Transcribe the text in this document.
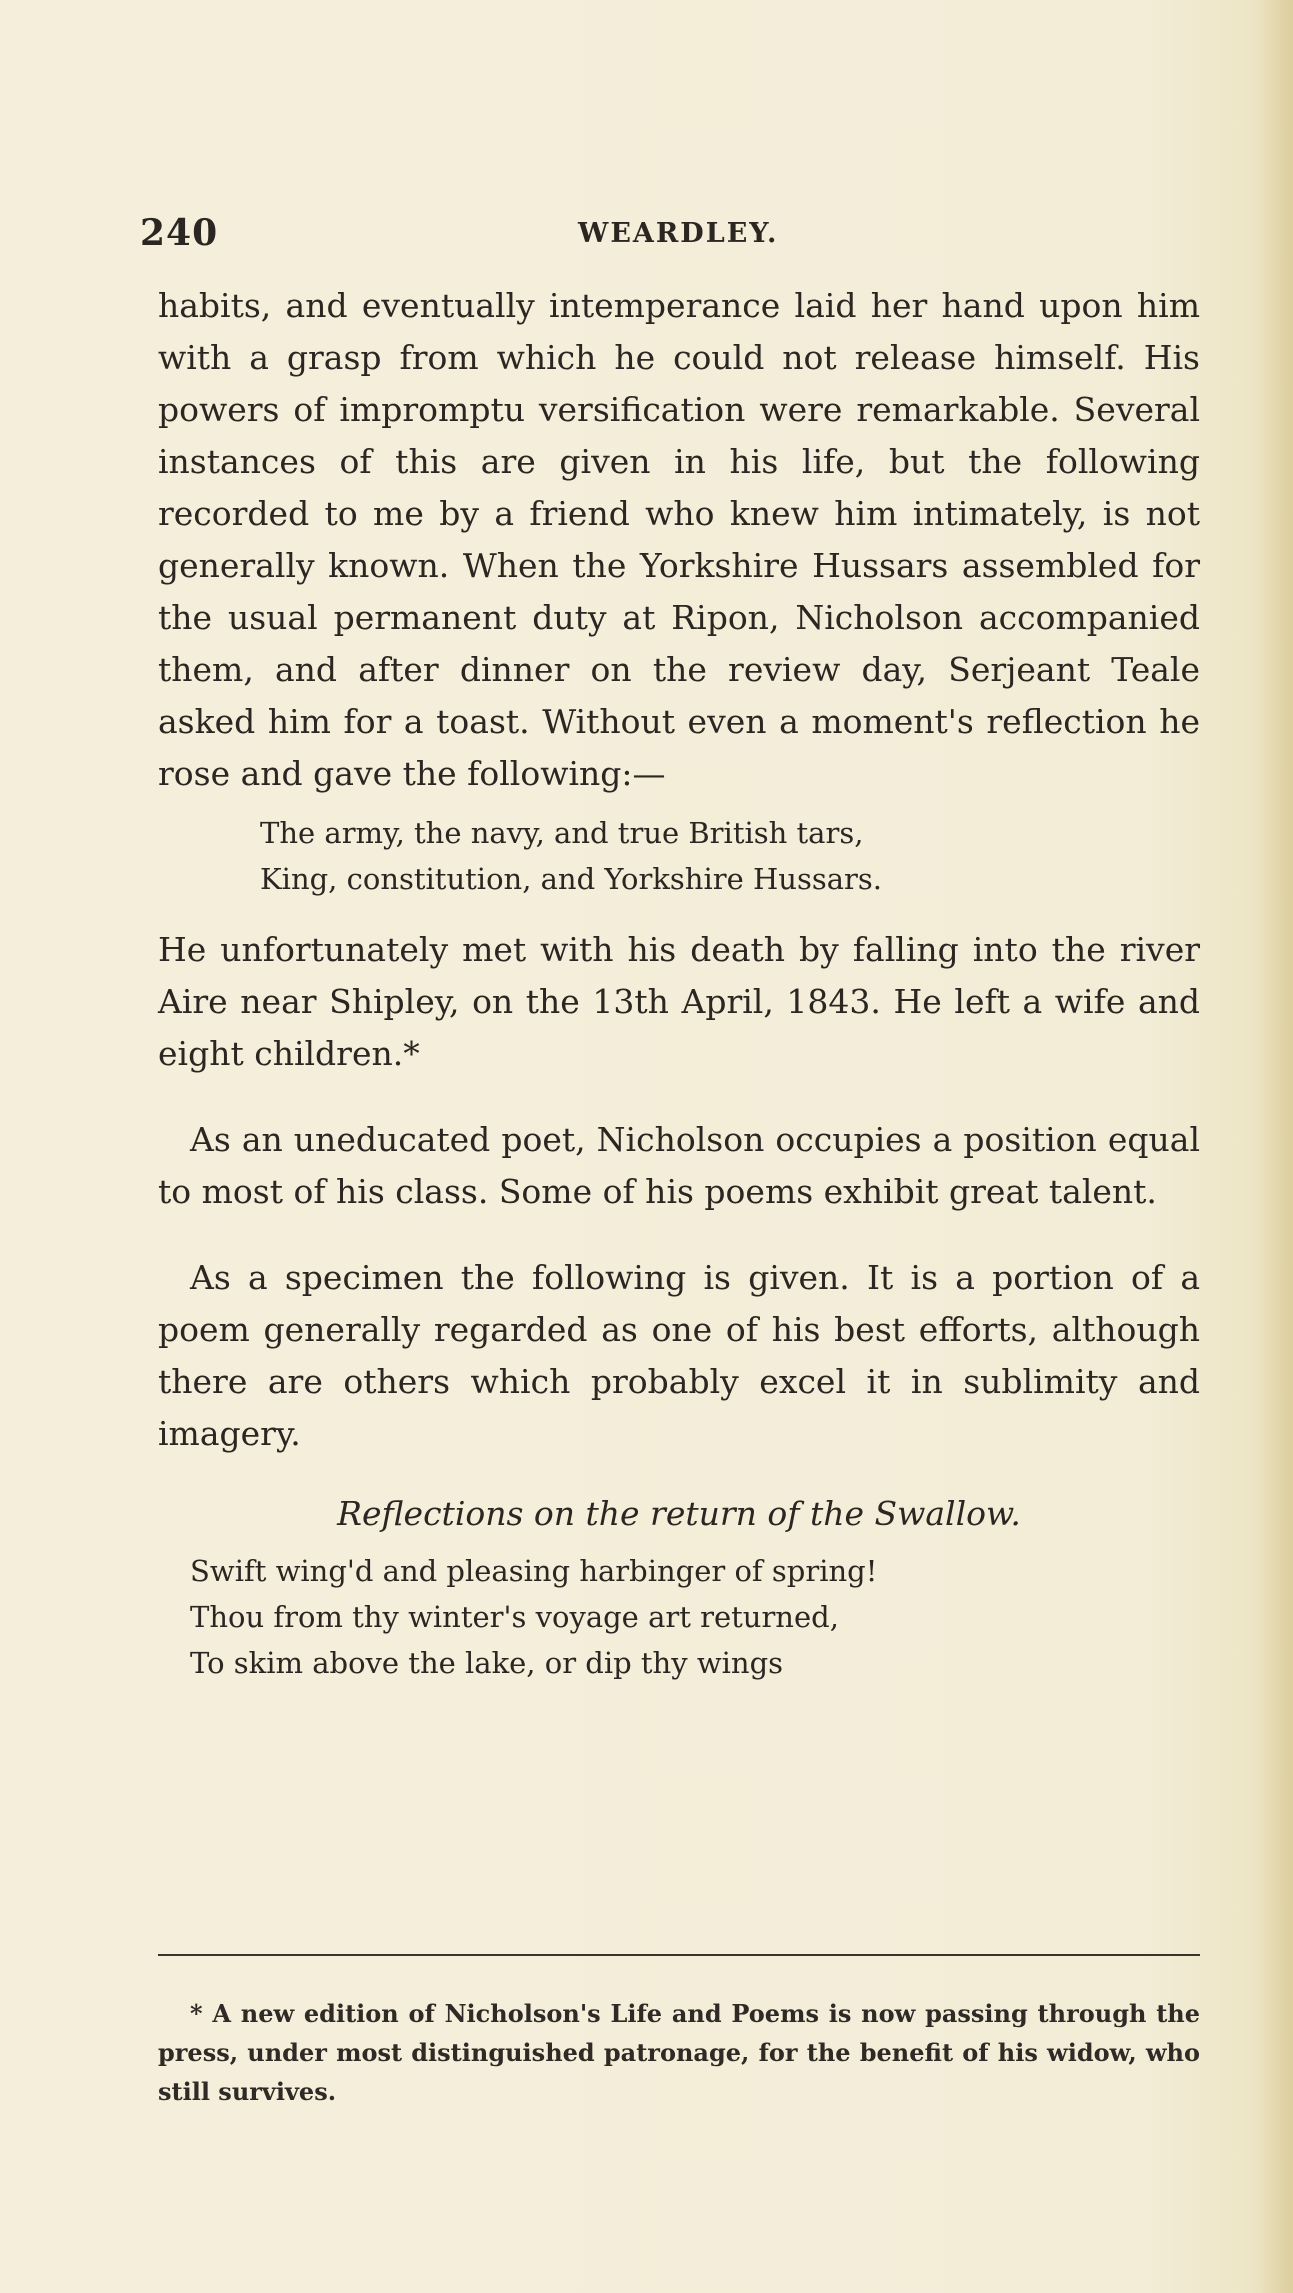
240	WEARDLEY.

habits, and eventually intemperance laid her hand upon him with a grasp from which he could not release himself. His powers of impromptu versification were remarkable. Several instances of this are given in his life, but the following recorded to me by a friend who knew him intimately, is not generally known. When the Yorkshire Hussars assembled for the usual permanent duty at Ripon, Nicholson accompanied them, and after dinner on the review day, Serjeant Teale asked him for a toast. Without even a moment's reflection he rose and gave the following:—

The army, the navy, and true British tars,
King, constitution, and Yorkshire Hussars.

He unfortunately met with his death by falling into the river Aire near Shipley, on the 13th April, 1843. He left a wife and eight children.*

As an uneducated poet, Nicholson occupies a position equal to most of his class. Some of his poems exhibit great talent.

As a specimen the following is given. It is a portion of a poem generally regarded as one of his best efforts, although there are others which probably excel it in sublimity and imagery.

Reflections on the return of the Swallow.

Swift wing'd and pleasing harbinger of spring!
Thou from thy winter's voyage art returned,
To skim above the lake, or dip thy wings

* A new edition of Nicholson's Life and Poems is now passing through the press, under most distinguished patronage, for the benefit of his widow, who still survives.
